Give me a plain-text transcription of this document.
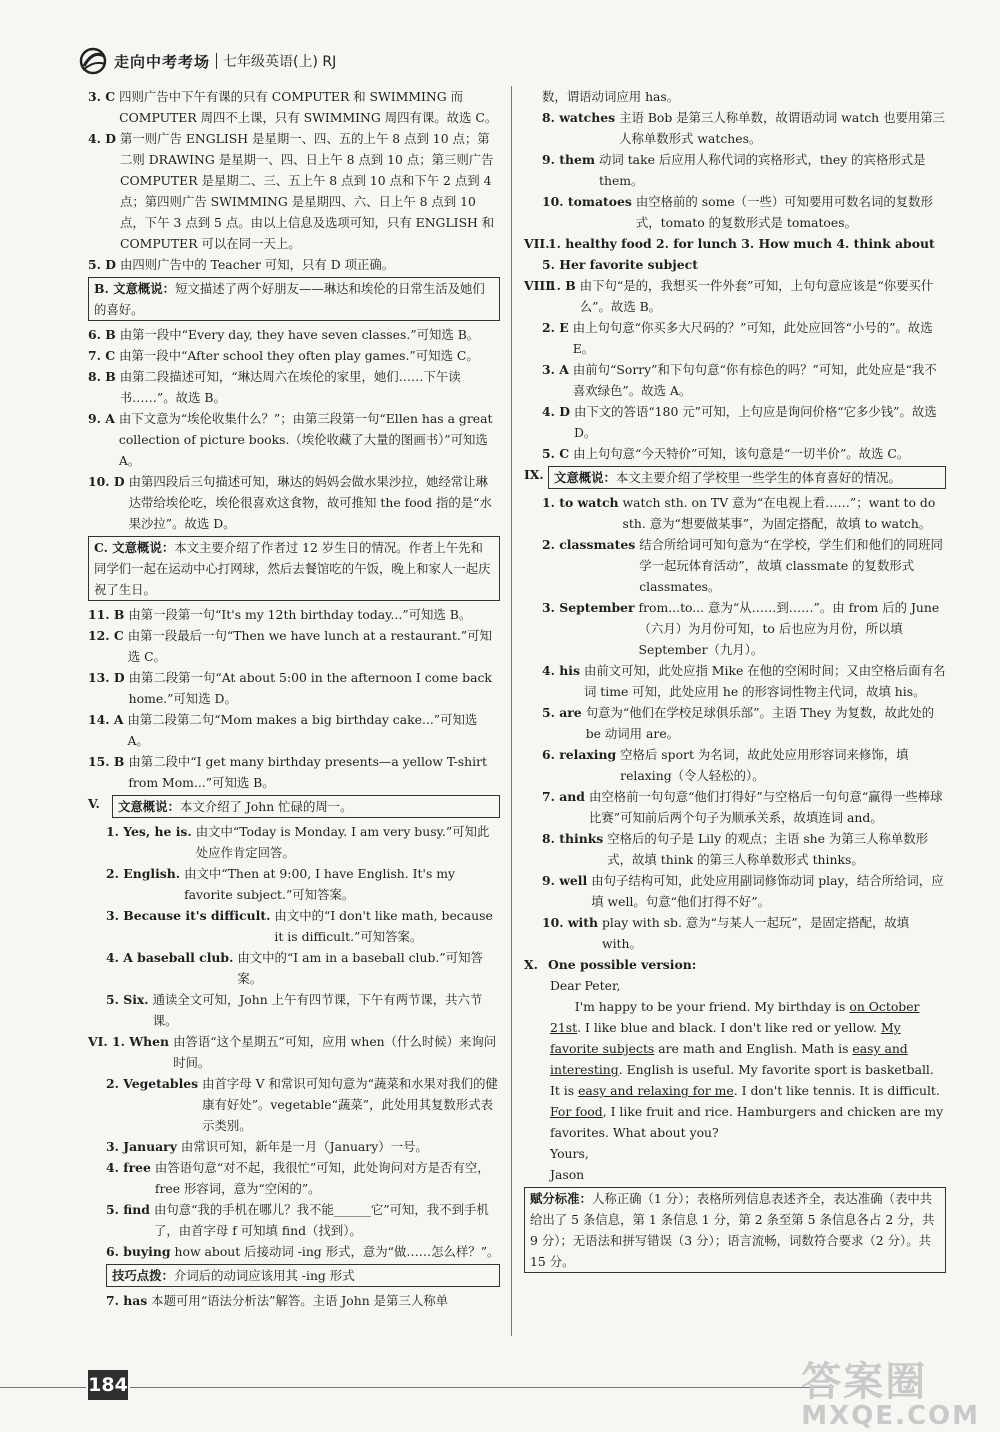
走向中考考场 七年级英语(上) RJ
3. C 四则广告中下午有课的只有 COMPUTER 和 SWIMMING 而 COMPUTER 周四不上课，只有 SWIMMING 周四有课。故选 C。
4. D 第一则广告 ENGLISH 是星期一、四、五的上午 8 点到 10 点；第二则 DRAWING 是星期一、四、日上午 8 点到 10 点；第三则广告 COMPUTER 是星期二、三、五上午 8 点到 10 点和下午 2 点到 4 点；第四则广告 SWIMMING 是星期四、六、日上午 8 点到 10 点，下午 3 点到 5 点。由以上信息及选项可知，只有 ENGLISH 和 COMPUTER 可以在同一天上。
5. D 由四则广告中的 Teacher 可知，只有 D 项正确。
B. 文意概说：短文描述了两个好朋友——琳达和埃伦的日常生活及她们的喜好。
6. B 由第一段中“Every day, they have seven classes.”可知选 B。
7. C 由第一段中“After school they often play games.”可知选 C。
8. B 由第二段描述可知，“琳达周六在埃伦的家里，她们……下午读书……”。故选 B。
9. A 由下文意为“埃伦收集什么？”；由第三段第一句“Ellen has a great collection of picture books.（埃伦收藏了大量的图画书）”可知选 A。
10. D 由第四段后三句描述可知，琳达的妈妈会做水果沙拉，她经常让琳达带给埃伦吃，埃伦很喜欢这食物，故可推知 the food 指的是“水果沙拉”。故选 D。
C. 文意概说：本文主要介绍了作者过 12 岁生日的情况。作者上午先和同学们一起在运动中心打网球，然后去餐馆吃的午饭，晚上和家人一起庆祝了生日。
11. B 由第一段第一句“It's my 12th birthday today...”可知选 B。
12. C 由第一段最后一句“Then we have lunch at a restaurant.”可知选 C。
13. D 由第二段第一句“At about 5:00 in the afternoon I come back home.”可知选 D。
14. A 由第二段第二句“Mom makes a big birthday cake...”可知选 A。
15. B 由第二段中“I get many birthday presents—a yellow T-shirt from Mom...”可知选 B。
V.	文意概说：本文介绍了 John 忙碌的周一。
1. Yes, he is. 由文中“Today is Monday. I am very busy.”可知此处应作肯定回答。
2. English. 由文中“Then at 9:00, I have English. It's my favorite subject.”可知答案。
3. Because it's difficult. 由文中的“I don't like math, because it is difficult.”可知答案。
4. A baseball club. 由文中的“I am in a baseball club.”可知答案。
5. Six. 通读全文可知，John 上午有四节课，下午有两节课，共六节课。
VI. 1. When 由答语“这个星期五”可知，应用 when（什么时候）来询问时间。
2. Vegetables 由首字母 V 和常识可知句意为“蔬菜和水果对我们的健康有好处”。vegetable“蔬菜”，此处用其复数形式表示类别。
3. January 由常识可知，新年是一月（January）一号。
4. free 由答语句意“对不起，我很忙”可知，此处询问对方是否有空，free 形容词，意为“空闲的”。
5. find 由句意“我的手机在哪儿？我不能______它”可知，我不到手机了，由首字母 f 可知填 find（找到）。
6. buying how about 后接动词 -ing 形式，意为“做……怎么样？”。
技巧点拨：介词后的动词应该用其 -ing 形式
7. has 本题可用“语法分析法”解答。主语 John 是第三人称单
数，谓语动词应用 has。
8. watches 主语 Bob 是第三人称单数，故谓语动词 watch 也要用第三人称单数形式 watches。
9. them 动词 take 后应用人称代词的宾格形式，they 的宾格形式是 them。
10. tomatoes 由空格前的 some（一些）可知要用可数名词的复数形式，tomato 的复数形式是 tomatoes。
VII.
1. healthy food 2. for lunch 3. How much 4. think about
5. Her favorite subject
VIII.
1. B 由下句“是的，我想买一件外套”可知，上句句意应该是“你要买什么”。故选 B。
2. E 由上句句意“你买多大尺码的？”可知，此处应回答“小号的”。故选 E。
3. A 由前句“Sorry”和下句句意“你有棕色的吗？”可知，此处应是“我不喜欢绿色”。故选 A。
4. D 由下文的答语“180 元”可知，上句应是询问价格“它多少钱”。故选 D。
5. C 由上句句意“今天特价”可知，该句意是“一切半价”。故选 C。
IX. 文意概说：本文主要介绍了学校里一些学生的体育喜好的情况。
1. to watch watch sth. on TV 意为“在电视上看……”；want to do sth. 意为“想要做某事”，为固定搭配，故填 to watch。
2. classmates 结合所给词可知句意为“在学校，学生们和他们的同班同学一起玩体育活动”，故填 classmate 的复数形式 classmates。
3. September from...to... 意为“从……到……”。由 from 后的 June（六月）为月份可知，to 后也应为月份，所以填 September（九月）。
4. his 由前文可知，此处应指 Mike 在他的空闲时间；又由空格后面有名词 time 可知，此处应用 he 的形容词性物主代词，故填 his。
5. are 句意为“他们在学校足球俱乐部”。主语 They 为复数，故此处的 be 动词用 are。
6. relaxing 空格后 sport 为名词，故此处应用形容词来修饰，填 relaxing（令人轻松的）。
7. and 由空格前一句句意“他们打得好”与空格后一句句意“赢得一些棒球比赛”可知前后两个句子为顺承关系，故填连词 and。
8. thinks 空格后的句子是 Lily 的观点；主语 she 为第三人称单数形式，故填 think 的第三人称单数形式 thinks。
9. well 由句子结构可知，此处应用副词修饰动词 play，结合所给词，应填 well。句意“他们打得不好”。
10. with play with sb. 意为“与某人一起玩”，是固定搭配，故填 with。
X. One possible version:
Dear Peter,

I'm happy to be your friend. My birthday is on October 21st. I like blue and black. I don't like red or yellow. My favorite subjects are math and English. Math is easy and interesting. English is useful. My favorite sport is basketball. It is easy and relaxing for me. I don't like tennis. It is difficult. For food, I like fruit and rice. Hamburgers and chicken are my favorites. What about you?

Yours,
Jason
赋分标准：人称正确（1 分）；表格所列信息表述齐全，表达准确（表中共给出了 5 条信息，第 1 条信息 1 分，第 2 条至第 5 条信息各占 2 分，共 9 分）；无语法和拼写错误（3 分）；语言流畅，词数符合要求（2 分）。共 15 分。
184	答案圈
MXQE.COM
